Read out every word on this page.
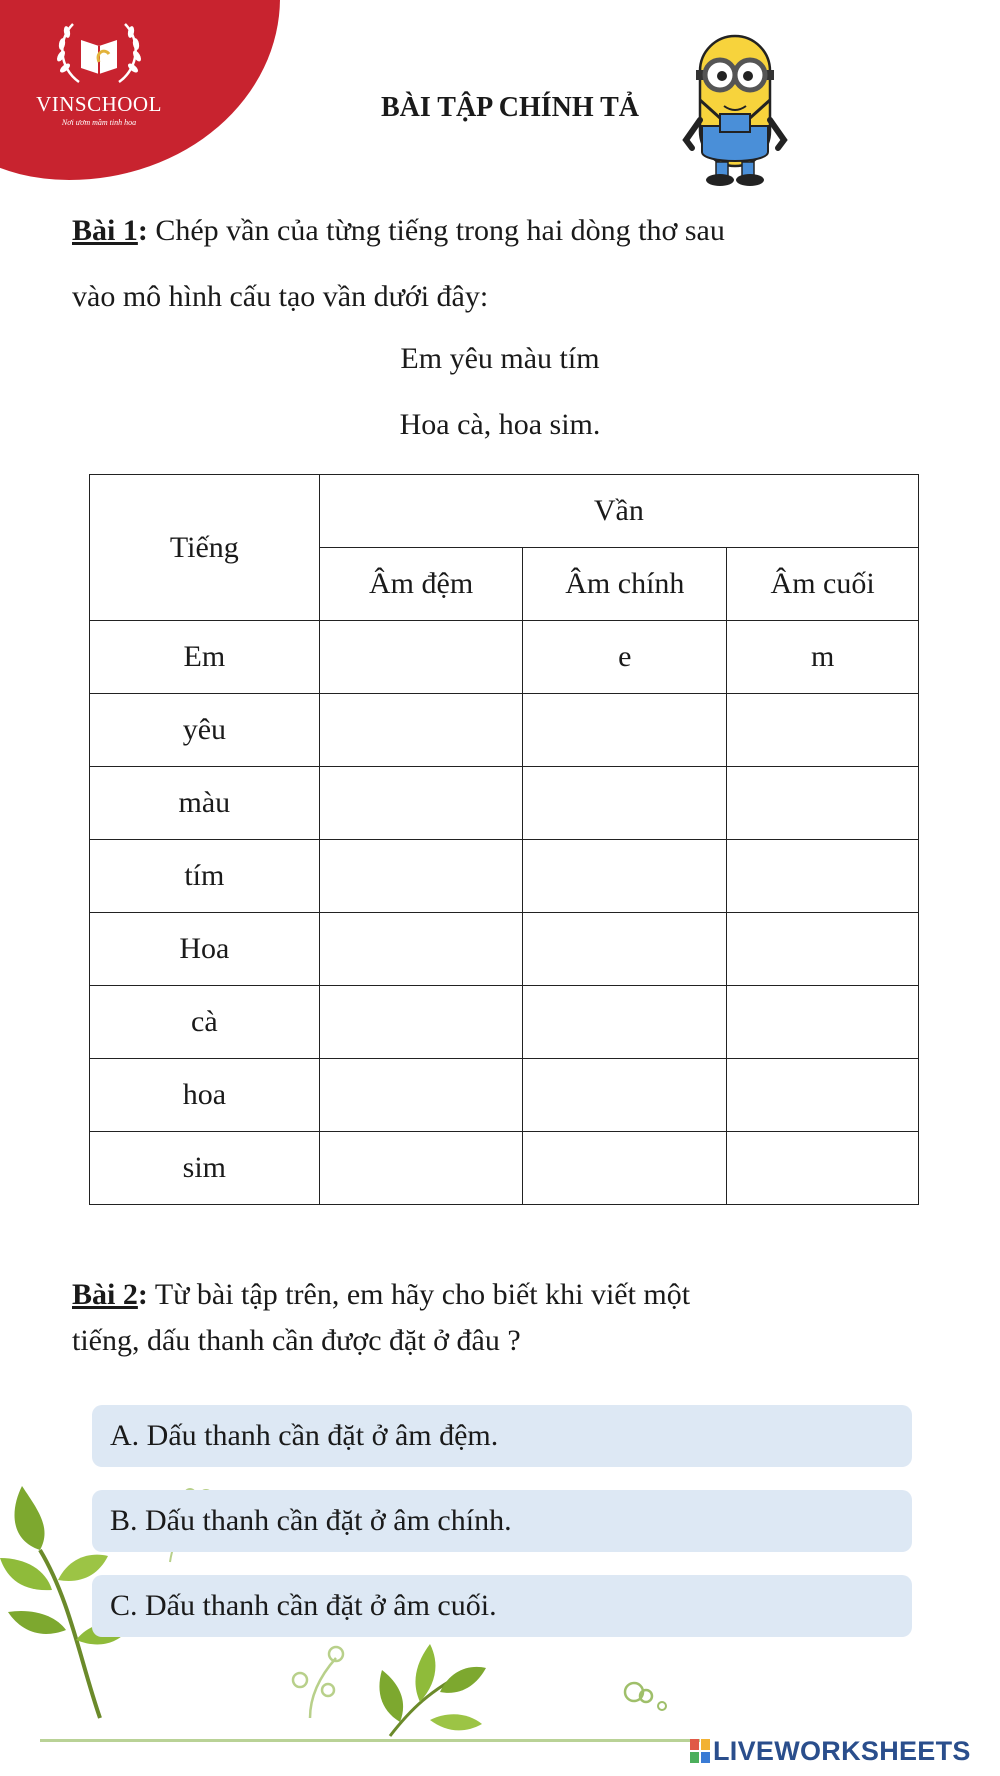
VINSCHOOL
Nơi ươm mầm tinh hoa	BÀI TẬP CHÍNH TẢ
Bài 1: Chép vần của từng tiếng trong hai dòng thơ sau
vào mô hình cấu tạo vần dưới đây:
Em yêu màu tím
Hoa cà, hoa sim.
Tiếng	Vần		
	Âm đệm	Âm chính	Âm cuối
Em		e	m
yêu			
màu			
tím			
Hoa			
cà			
hoa			
sim			
Bài 2: Từ bài tập trên, em hãy cho biết khi viết một
tiếng, dấu thanh cần được đặt ở đâu ?
A. Dấu thanh cần đặt ở âm đệm.
B. Dấu thanh cần đặt ở âm chính.
C. Dấu thanh cần đặt ở âm cuối.
LIVEWORKSHEETS
